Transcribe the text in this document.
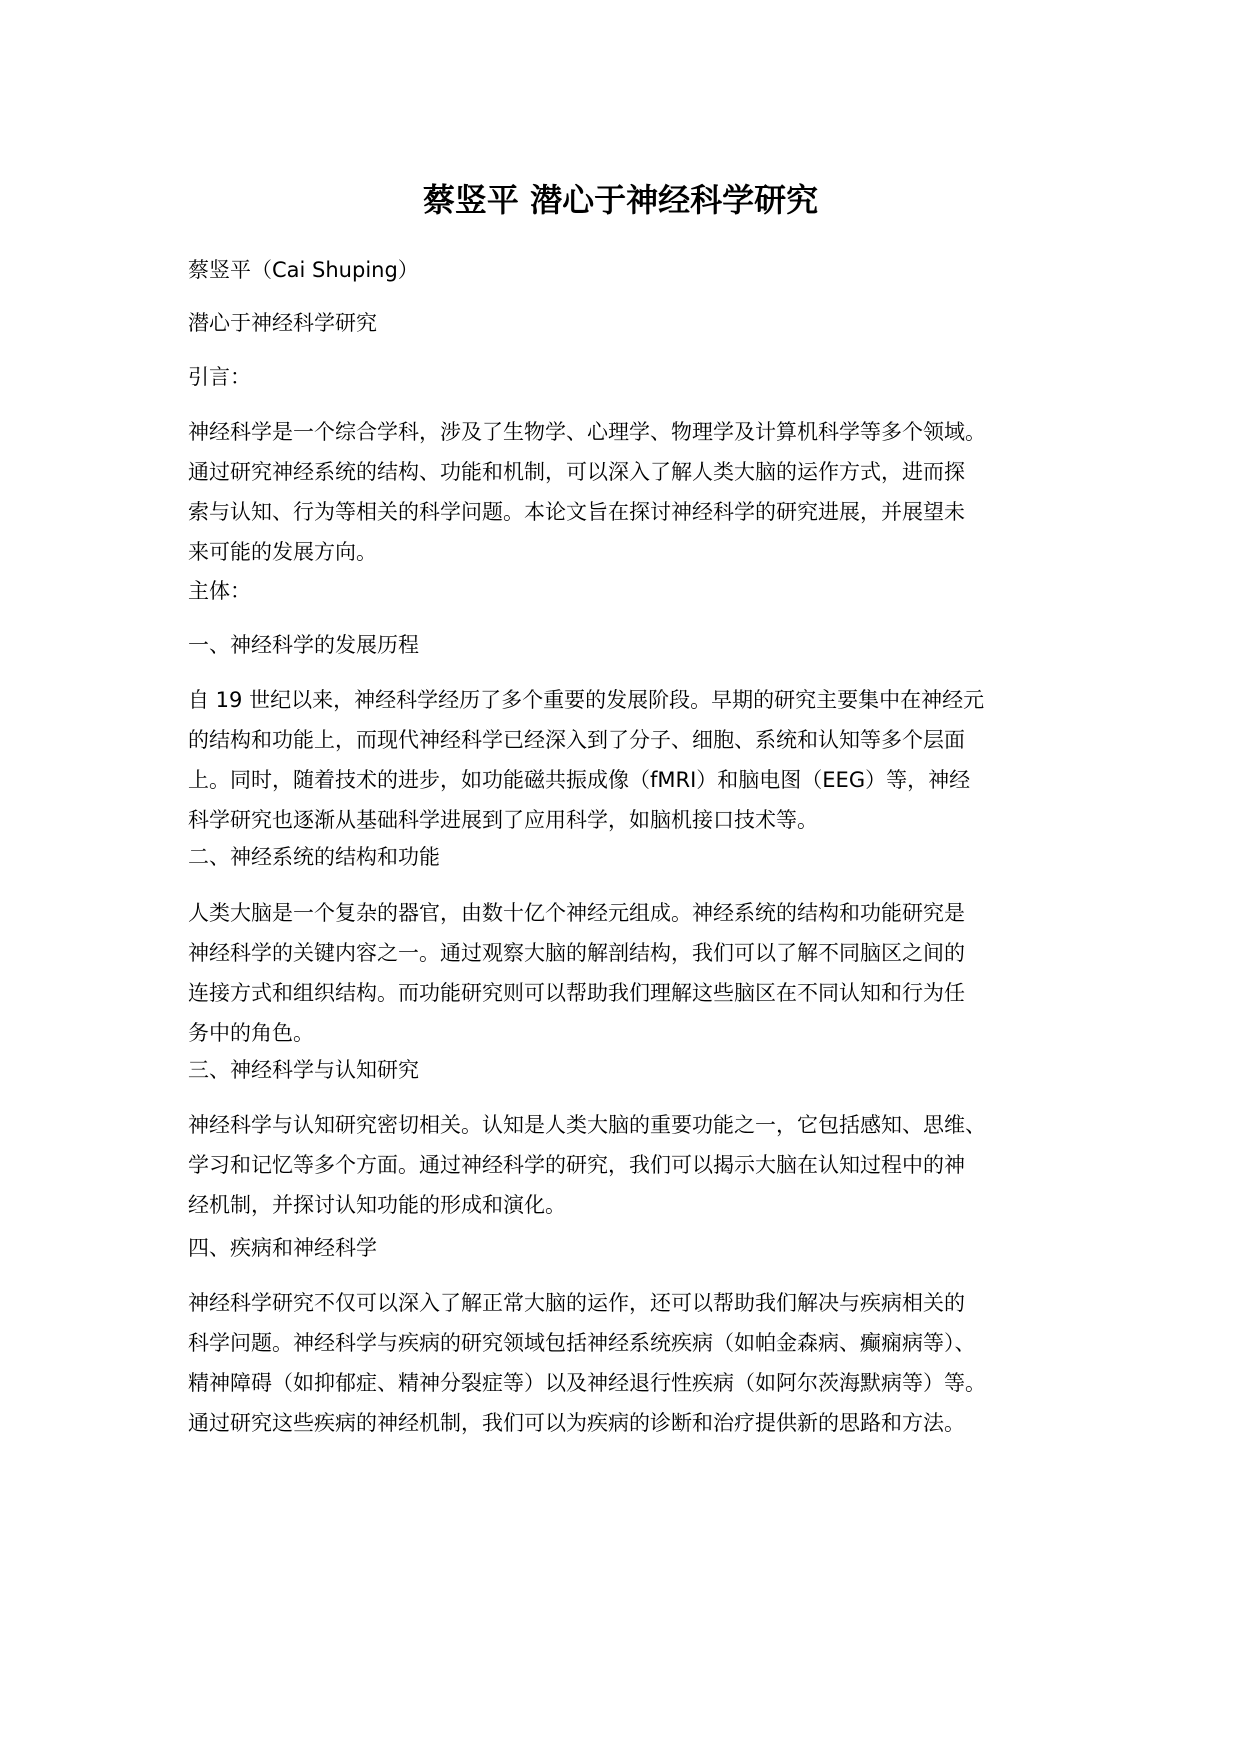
蔡竖平 潜心于神经科学研究
蔡竖平（Cai Shuping）
潜心于神经科学研究
引言：
神经科学是一个综合学科，涉及了生物学、心理学、物理学及计算机科学等多个领域。
通过研究神经系统的结构、功能和机制，可以深入了解人类大脑的运作方式，进而探
索与认知、行为等相关的科学问题。本论文旨在探讨神经科学的研究进展，并展望未
来可能的发展方向。
主体：
一、神经科学的发展历程
自 19 世纪以来，神经科学经历了多个重要的发展阶段。早期的研究主要集中在神经元
的结构和功能上，而现代神经科学已经深入到了分子、细胞、系统和认知等多个层面
上。同时，随着技术的进步，如功能磁共振成像（fMRI）和脑电图（EEG）等，神经
科学研究也逐渐从基础科学进展到了应用科学，如脑机接口技术等。
二、神经系统的结构和功能
人类大脑是一个复杂的器官，由数十亿个神经元组成。神经系统的结构和功能研究是
神经科学的关键内容之一。通过观察大脑的解剖结构，我们可以了解不同脑区之间的
连接方式和组织结构。而功能研究则可以帮助我们理解这些脑区在不同认知和行为任
务中的角色。
三、神经科学与认知研究
神经科学与认知研究密切相关。认知是人类大脑的重要功能之一，它包括感知、思维、
学习和记忆等多个方面。通过神经科学的研究，我们可以揭示大脑在认知过程中的神
经机制，并探讨认知功能的形成和演化。
四、疾病和神经科学
神经科学研究不仅可以深入了解正常大脑的运作，还可以帮助我们解决与疾病相关的
科学问题。神经科学与疾病的研究领域包括神经系统疾病（如帕金森病、癫痫病等）、
精神障碍（如抑郁症、精神分裂症等）以及神经退行性疾病（如阿尔茨海默病等）等。
通过研究这些疾病的神经机制，我们可以为疾病的诊断和治疗提供新的思路和方法。
